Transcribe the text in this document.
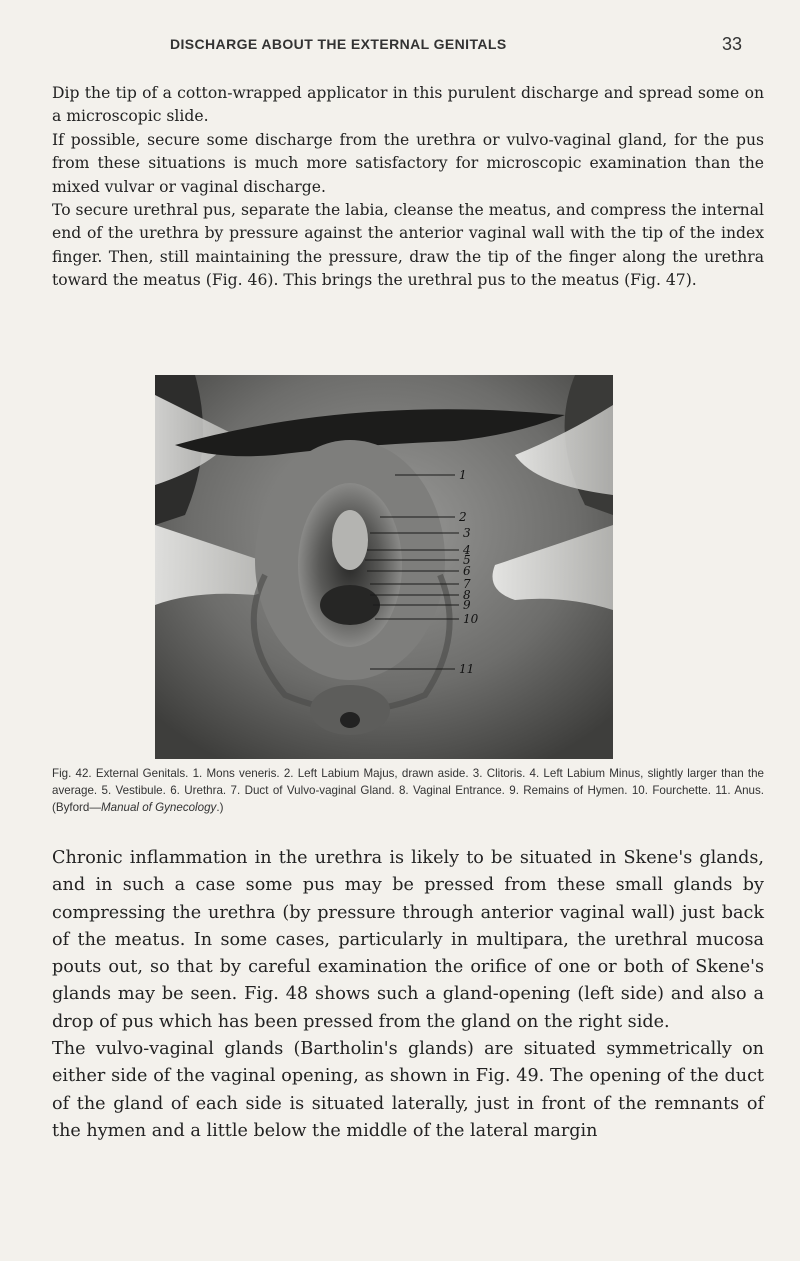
DISCHARGE ABOUT THE EXTERNAL GENITALS	33

Dip the tip of a cotton-wrapped applicator in this purulent discharge and spread some on a microscopic slide.

If possible, secure some discharge from the urethra or vulvo-vaginal gland, for the pus from these situations is much more satisfactory for microscopic examination than the mixed vulvar or vaginal discharge.

To secure urethral pus, separate the labia, cleanse the meatus, and compress the internal end of the urethra by pressure against the anterior vaginal wall with the tip of the index finger. Then, still maintaining the pressure, draw the tip of the finger along the urethra toward the meatus (Fig. 46). This brings the urethral pus to the meatus (Fig. 47).

1
2
3
4
5
6
7
8
9
10
11
Fig. 42. External Genitals. 1. Mons veneris. 2. Left Labium Majus, drawn aside. 3. Clitoris. 4. Left Labium Minus, slightly larger than the average. 5. Vestibule. 6. Urethra. 7. Duct of Vulvo-vaginal Gland. 8. Vaginal Entrance. 9. Remains of Hymen. 10. Fourchette. 11. Anus. (Byford—Manual of Gynecology.)

Chronic inflammation in the urethra is likely to be situated in Skene's glands, and in such a case some pus may be pressed from these small glands by compressing the urethra (by pressure through anterior vaginal wall) just back of the meatus. In some cases, particularly in multipara, the urethral mucosa pouts out, so that by careful examination the orifice of one or both of Skene's glands may be seen. Fig. 48 shows such a gland-opening (left side) and also a drop of pus which has been pressed from the gland on the right side.

The vulvo-vaginal glands (Bartholin's glands) are situated symmetrically on either side of the vaginal opening, as shown in Fig. 49. The opening of the duct of the gland of each side is situated laterally, just in front of the remnants of the hymen and a little below the middle of the lateral margin
